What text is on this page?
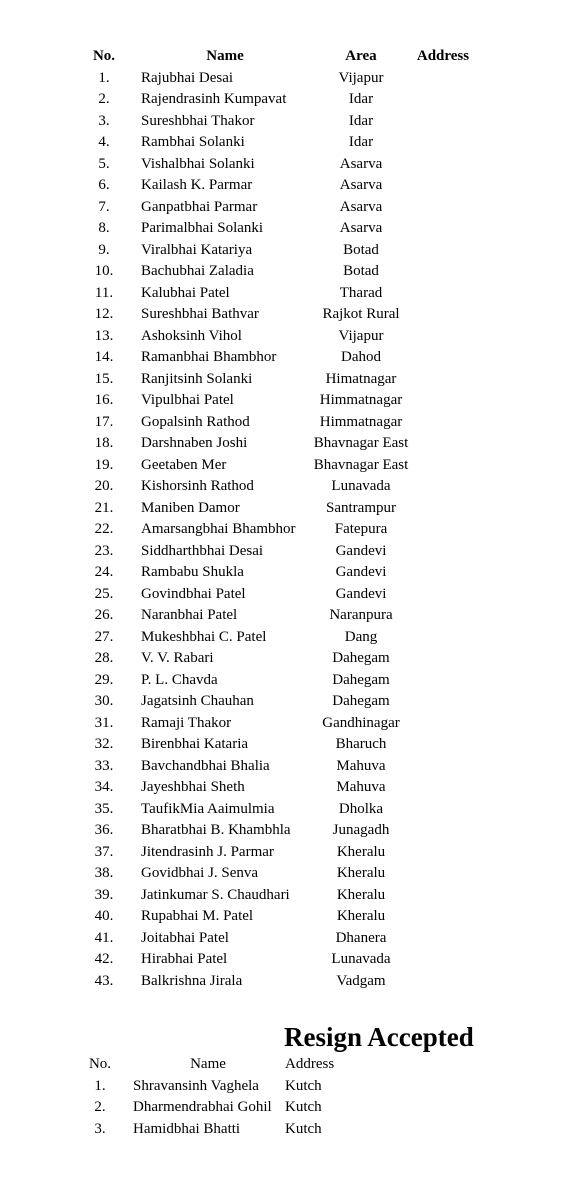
No.	Name	Area	Address
1.	Rajubhai Desai	Vijapur
2.	Rajendrasinh Kumpavat	Idar
3.	Sureshbhai Thakor	Idar
4.	Rambhai Solanki	Idar
5.	Vishalbhai Solanki	Asarva
6.	Kailash K. Parmar	Asarva
7.	Ganpatbhai Parmar	Asarva
8.	Parimalbhai Solanki	Asarva
9.	Viralbhai Katariya	Botad
10.	Bachubhai Zaladia	Botad
11.	Kalubhai Patel	Tharad
12.	Sureshbhai Bathvar	Rajkot Rural
13.	Ashoksinh Vihol	Vijapur
14.	Ramanbhai Bhambhor	Dahod
15.	Ranjitsinh Solanki	Himatnagar
16.	Vipulbhai Patel	Himmatnagar
17.	Gopalsinh Rathod	Himmatnagar
18.	Darshnaben Joshi	Bhavnagar East
19.	Geetaben Mer	Bhavnagar East
20.	Kishorsinh Rathod	Lunavada
21.	Maniben Damor	Santrampur
22.	Amarsangbhai Bhambhor	Fatepura
23.	Siddharthbhai Desai	Gandevi
24.	Rambabu Shukla	Gandevi
25.	Govindbhai Patel	Gandevi
26.	Naranbhai Patel	Naranpura
27.	Mukeshbhai C. Patel	Dang
28.	V. V. Rabari	Dahegam
29.	P. L. Chavda	Dahegam
30.	Jagatsinh Chauhan	Dahegam
31.	Ramaji Thakor	Gandhinagar
32.	Birenbhai Kataria	Bharuch
33.	Bavchandbhai Bhalia	Mahuva
34.	Jayeshbhai Sheth	Mahuva
35.	TaufikMia Aaimulmia	Dholka
36.	Bharatbhai B. Khambhla	Junagadh
37.	Jitendrasinh J. Parmar	Kheralu
38.	Govidbhai J. Senva	Kheralu
39.	Jatinkumar S. Chaudhari	Kheralu
40.	Rupabhai M. Patel	Kheralu
41.	Joitabhai Patel	Dhanera
42.	Hirabhai Patel	Lunavada
43.	Balkrishna Jirala	Vadgam
Resign Accepted
No.	Name	Address
1.	Shravansinh Vaghela Kutch
2.	Dharmendrabhai Gohil Kutch
3.	Hamidbhai Bhatti	Kutch
